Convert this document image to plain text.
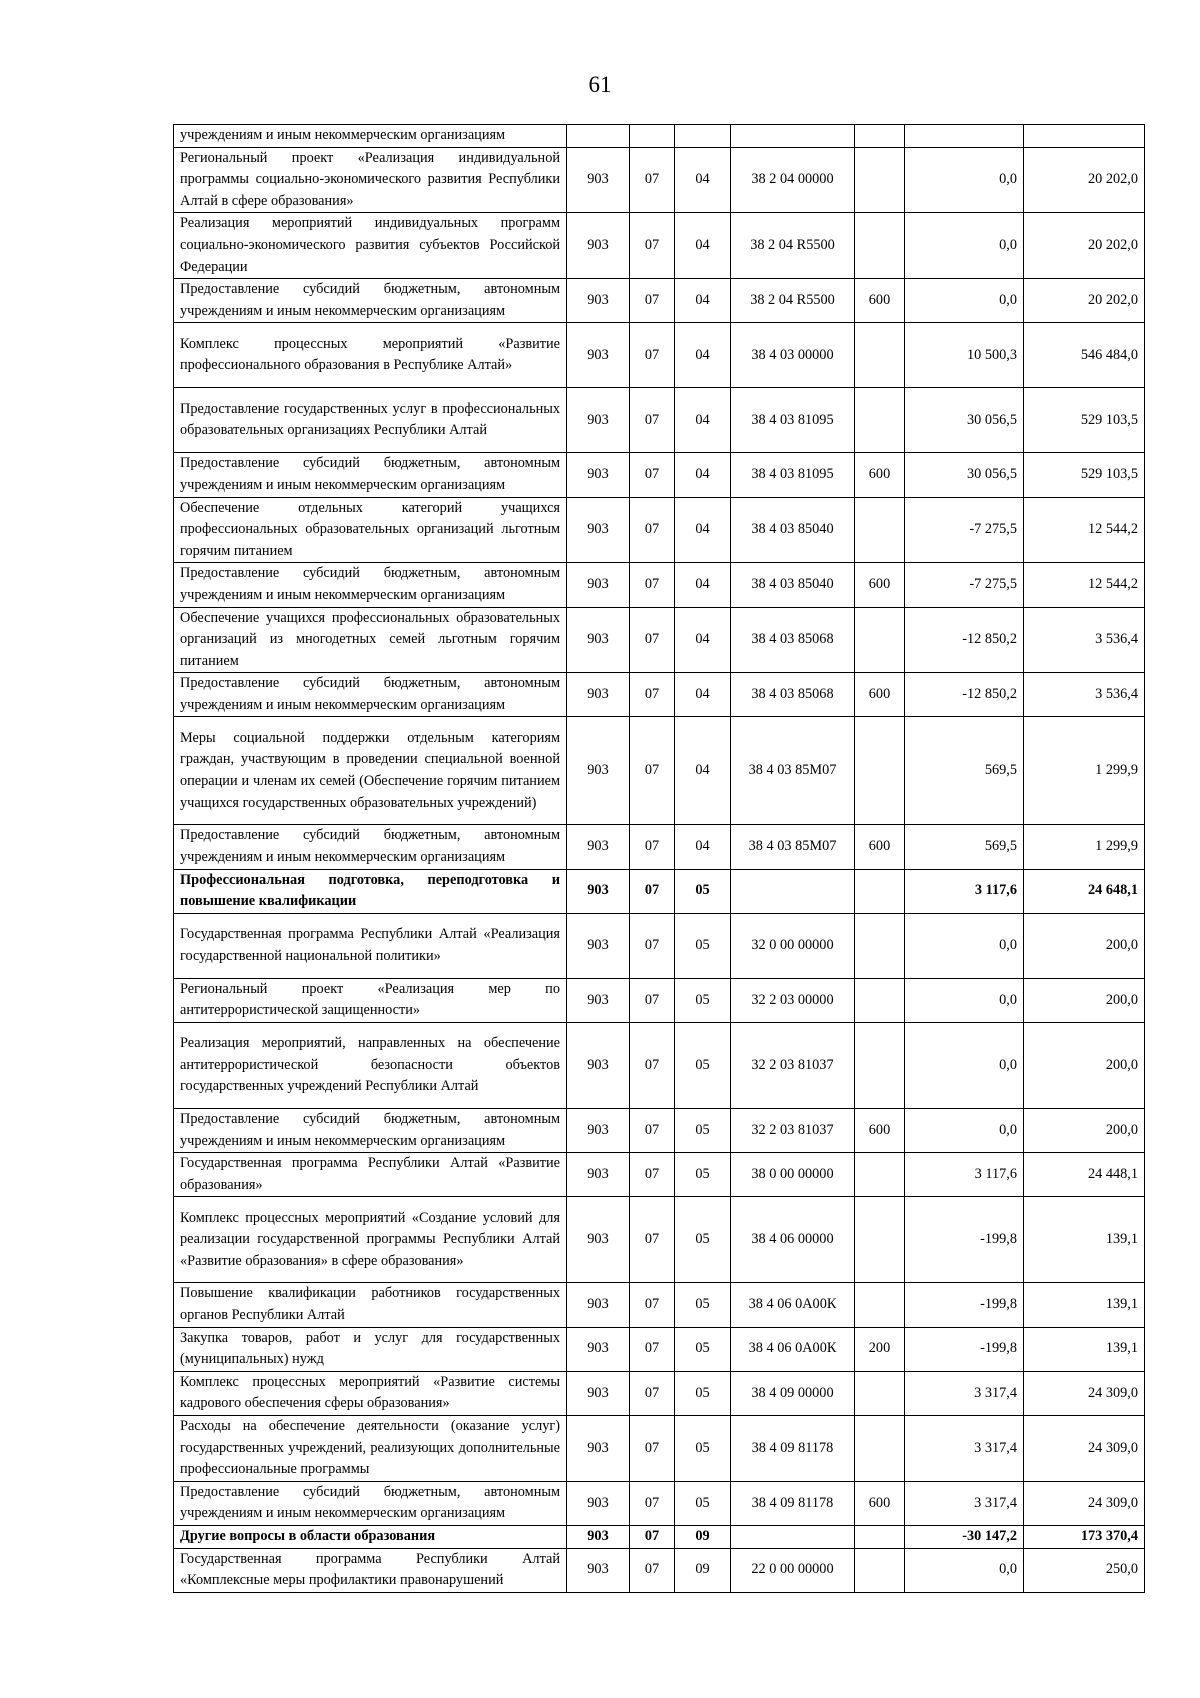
61
учреждениям и иным некоммерческим организациям							
Региональный проект «Реализация индивидуальной программы социально-экономического развития Республики Алтай в сфере образования»	903	07	04	38 2 04 00000		0,0	20 202,0
Реализация мероприятий индивидуальных программ социально-экономического развития субъектов Российской Федерации	903	07	04	38 2 04 R5500		0,0	20 202,0
Предоставление субсидий бюджетным, автономным учреждениям и иным некоммерческим организациям	903	07	04	38 2 04 R5500	600	0,0	20 202,0
Комплекс процессных мероприятий «Развитие профессионального образования в Республике Алтай»	903	07	04	38 4 03 00000		10 500,3	546 484,0
Предоставление государственных услуг в профессиональных образовательных организациях Республики Алтай	903	07	04	38 4 03 81095		30 056,5	529 103,5
Предоставление субсидий бюджетным, автономным учреждениям и иным некоммерческим организациям	903	07	04	38 4 03 81095	600	30 056,5	529 103,5
Обеспечение отдельных категорий учащихся профессиональных образовательных организаций льготным горячим питанием	903	07	04	38 4 03 85040		-7 275,5	12 544,2
Предоставление субсидий бюджетным, автономным учреждениям и иным некоммерческим организациям	903	07	04	38 4 03 85040	600	-7 275,5	12 544,2
Обеспечение учащихся профессиональных образовательных организаций из многодетных семей льготным горячим питанием	903	07	04	38 4 03 85068		-12 850,2	3 536,4
Предоставление субсидий бюджетным, автономным учреждениям и иным некоммерческим организациям	903	07	04	38 4 03 85068	600	-12 850,2	3 536,4
Меры социальной поддержки отдельным категориям граждан, участвующим в проведении специальной военной операции и членам их семей (Обеспечение горячим питанием учащихся государственных образовательных учреждений)	903	07	04	38 4 03 85М07		569,5	1 299,9
Предоставление субсидий бюджетным, автономным учреждениям и иным некоммерческим организациям	903	07	04	38 4 03 85М07	600	569,5	1 299,9
Профессиональная подготовка, переподготовка и повышение квалификации	903	07	05			3 117,6	24 648,1
Государственная программа Республики Алтай «Реализация государственной национальной политики»	903	07	05	32 0 00 00000		0,0	200,0
Региональный проект «Реализация мер по антитеррористической защищенности»	903	07	05	32 2 03 00000		0,0	200,0
Реализация мероприятий, направленных на обеспечение антитеррористической безопасности объектов государственных учреждений Республики Алтай	903	07	05	32 2 03 81037		0,0	200,0
Предоставление субсидий бюджетным, автономным учреждениям и иным некоммерческим организациям	903	07	05	32 2 03 81037	600	0,0	200,0
Государственная программа Республики Алтай «Развитие образования»	903	07	05	38 0 00 00000		3 117,6	24 448,1
Комплекс процессных мероприятий «Создание условий для реализации государственной программы Республики Алтай «Развитие образования» в сфере образования»	903	07	05	38 4 06 00000		-199,8	139,1
Повышение квалификации работников государственных органов Республики Алтай	903	07	05	38 4 06 0А00К		-199,8	139,1
Закупка товаров, работ и услуг для государственных (муниципальных) нужд	903	07	05	38 4 06 0А00К	200	-199,8	139,1
Комплекс процессных мероприятий «Развитие системы кадрового обеспечения сферы образования»	903	07	05	38 4 09 00000		3 317,4	24 309,0
Расходы на обеспечение деятельности (оказание услуг) государственных учреждений, реализующих дополнительные профессиональные программы	903	07	05	38 4 09 81178		3 317,4	24 309,0
Предоставление субсидий бюджетным, автономным учреждениям и иным некоммерческим организациям	903	07	05	38 4 09 81178	600	3 317,4	24 309,0
Другие вопросы в области образования	903	07	09			-30 147,2	173 370,4
Государственная программа Республики Алтай «Комплексные меры профилактики правонарушений	903	07	09	22 0 00 00000		0,0	250,0
